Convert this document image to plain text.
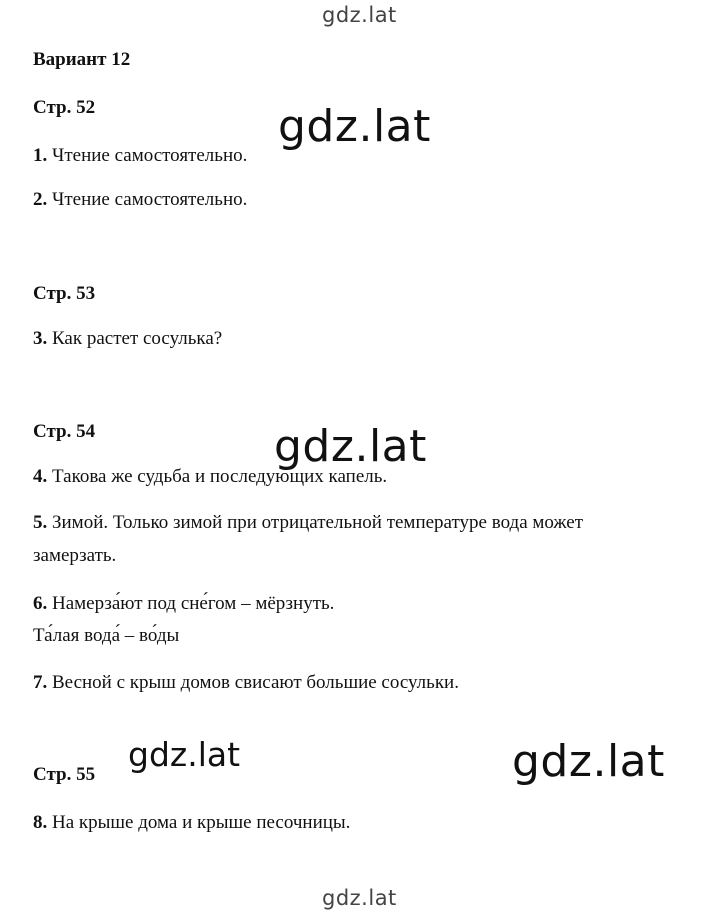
gdz.lat
gdz.lat
gdz.lat
gdz.lat	gdz.lat
gdz.lat
Вариант 12
Стр. 52
1. Чтение самостоятельно.
2. Чтение самостоятельно.
Стр. 53
3. Как растет сосулька?
Стр. 54
4. Такова же судьба и последующих капель.
5. Зимой. Только зимой при отрицательной температуре вода может
замерзать.
6. Намерза́ют под сне́гом – мёрзнуть.
Та́лая вода́ – во́ды
7. Весной с крыш домов свисают большие сосульки.
Стр. 55
8. На крыше дома и крыше песочницы.
